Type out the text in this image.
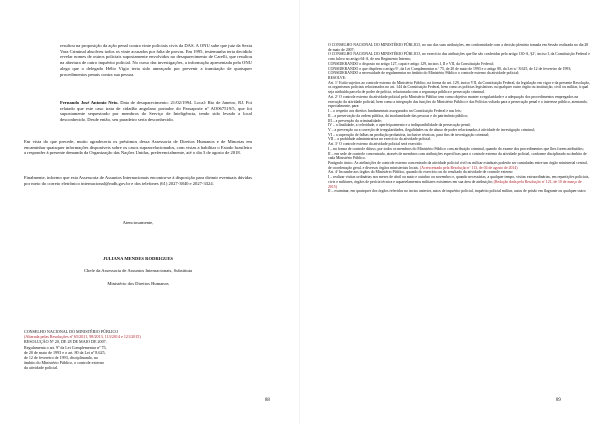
resultou na proposição da ação penal contra vinte policiais civis da DAS. A ONU sabe que juiz da Sexta Vara Criminal absolveu todos os vinte acusados por falta de provas. Em 1995, testemunha teria decidido revelar nomes de outros policiais supostamente envolvidos no desaparecimento de Carelli, que resultou na abertura de outro inquérito policial. No curso das investigações, a informação apresentada pela ONU alega que o delegado Hélio Vígio teria sido ameaçado por prevenir a tramitação de quaisquer procedimentos penais contra sua pessoa.

Fernando José Antonio Neto. Data de desaparecimento: 21/02/1994. Local: Rio de Janeiro, RJ. Foi relatado que este caso trata de cidadão angolano portador do Passaporte nº AO067519/5, que foi supostamente sequestrado por membros do Serviço de Inteligência, tendo sido levado a local desconhecido. Desde então, seu paradeiro seria desconhecido.

Em vista do que precede, muito agradeceria os préstimos dessa Assessoria de Direitos Humanos e de Minorias em encaminhar quaisquer informações disponíveis sobre os casos suprarrelacionados, com vistas a habilitar o Estado brasileiro a responder à presente demanda da Organização das Nações Unidas, preferencialmente, até o dia 3 de agosto de 2018.

Finalmente, informo que esta Assessoria de Assuntos Internacionais encontra-se à disposição para dirimir eventuais dúvidas por meio do correio eletrônico internacional@mdh.gov.br e dos telefones (61) 2027-3840 e 2027-3324.

Atenciosamente,

JULIANA MENDES RODRIGUES

Chefe da Assessoria de Assuntos Internacionais, Substituta

Ministério dos Direitos Humanos

CONSELHO NACIONAL DO MINISTÉRIO PÚBLICO

(Alterada pelas Resoluções nº 65/2011, 98/2013, 113/2014 e 121/2015)

RESOLUÇÃO Nº 20, DE 28 DE MAIO DE 2007.

Regulamenta o art. 9º da Lei Complementar nº 75, de 20 de maio de 1993 e o art. 80 da Lei nº 8.625, de 12 de fevereiro de 1993, disciplinando, no âmbito do Ministério Público, o controle externo da atividade policial.

88

O CONSELHO NACIONAL DO MINISTÉRIO PÚBLICO, no uso das suas atribuições, em conformidade com a decisão plenária tomada em Sessão realizada no dia 28 de maio de 2007;

O CONSELHO NACIONAL DO MINISTÉRIO PÚBLICO, no exercício das atribuições que lhe são conferidas pelo artigo 130-A, §2º, inciso I, da Constituição Federal e com fulcro no artigo 64-A, de seu Regimento Interno;

CONSIDERANDO o disposto no artigo 127, caput e artigo 129, incisos I, II e VII, da Constituição Federal;

CONSIDERANDO o que dispõem o artigo 9º, da Lei Complementar n.º 75, de 20 de maio de 1993 e o artigo 80, da Lei n.º 8.625, de 12 de fevereiro de 1993;

CONSIDERANDO a necessidade de regulamentar no âmbito do Ministério Público o controle externo da atividade policial;

RESOLVE:

Art. 1º Estão sujeitos ao controle externo do Ministério Público, na forma do art. 129, inciso VII, da Constituição Federal, da legislação em vigor e da presente Resolução, os organismos policiais relacionados no art. 144 da Constituição Federal, bem como as polícias legislativas ou qualquer outro órgão ou instituição, civil ou militar, à qual seja atribuída parcela de poder de polícia, relacionada com a segurança pública e persecução criminal.

Art. 2º O controle externo da atividade policial pelo Ministério Público tem como objetivo manter a regularidade e a adequação dos procedimentos empregados na execução da atividade policial, bem como a integração das funções do Ministério Público e das Polícias voltada para a persecução penal e o interesse público, atentando, especialmente, para:

I – o respeito aos direitos fundamentais assegurados na Constituição Federal e nas leis;

II – a preservação da ordem pública, da incolumidade das pessoas e do patrimônio público;

III – a prevenção da criminalidade;

IV – a finalidade, a celeridade, o aperfeiçoamento e a indisponibilidade da persecução penal;

V – a prevenção ou a correção de irregularidades, ilegalidades ou de abuso de poder relacionados à atividade de investigação criminal;

VI – a superação de falhas na produção probatória, inclusive técnicas, para fins de investigação criminal;

VII – a probidade administrativa no exercício da atividade policial.

Art. 3º O controle externo da atividade policial será exercido:

I – na forma de controle difuso, por todos os membros do Ministério Público com atribuição criminal, quando do exame dos procedimentos que lhes forem atribuídos;

II – em sede de controle concentrado, através de membros com atribuições específicas para o controle externo da atividade policial, conforme disciplinado no âmbito de cada Ministério Público.

Parágrafo único. As atribuições de controle externo concentrado da atividade policial civil ou militar estaduais poderão ser cumuladas entre um órgão ministerial central, de coordenação geral, e diversos órgãos ministeriais locais. (Acrescentado pela Resolução nº 113, de 04 de agosto de 2014)

Art. 4º Incumbe aos órgãos do Ministério Público, quando do exercício ou do resultado da atividade de controle externo:

I – realizar visitas ordinárias nos meses de abril ou maio e outubro ou novembro e, quando necessárias, a qualquer tempo, visitas extraordinárias, em repartições policiais, civis e militares, órgãos de perícia técnica e aquartelamentos militares existentes em sua área de atribuição; (Redação dada pela Resolução nº 121, de 10 de março de 2015)

II – examinar, em quaisquer dos órgãos referidos no inciso anterior, autos de inquérito policial, inquérito policial militar, autos de prisão em flagrante ou qualquer outro

89
